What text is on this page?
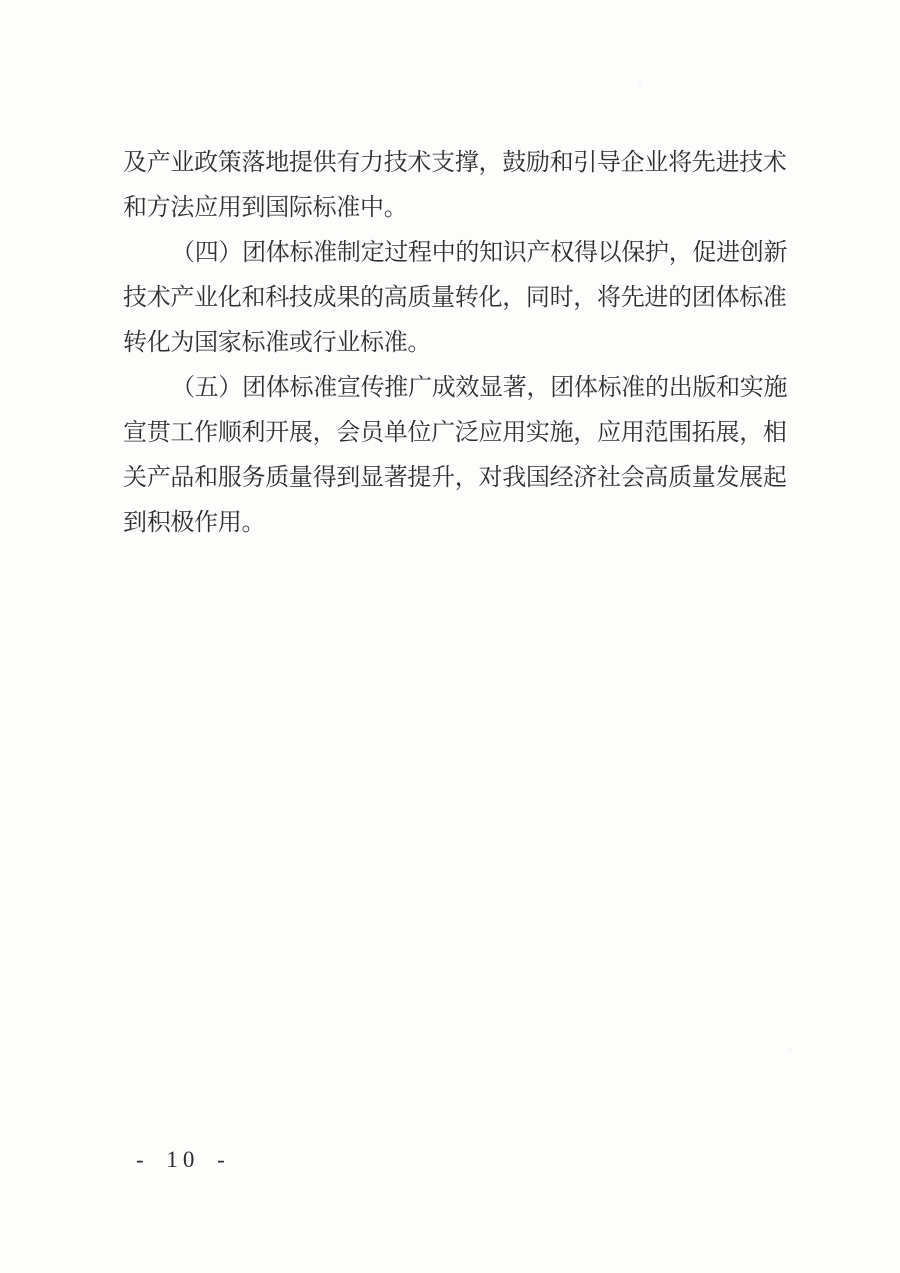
及产业政策落地提供有力技术支撑，鼓励和引导企业将先进技术
和方法应用到国际标准中。
（四）团体标准制定过程中的知识产权得以保护，促进创新
技术产业化和科技成果的高质量转化，同时，将先进的团体标准
转化为国家标准或行业标准。
（五）团体标准宣传推广成效显著，团体标准的出版和实施
宣贯工作顺利开展，会员单位广泛应用实施，应用范围拓展，相
关产品和服务质量得到显著提升，对我国经济社会高质量发展起
到积极作用。
- 10 -
